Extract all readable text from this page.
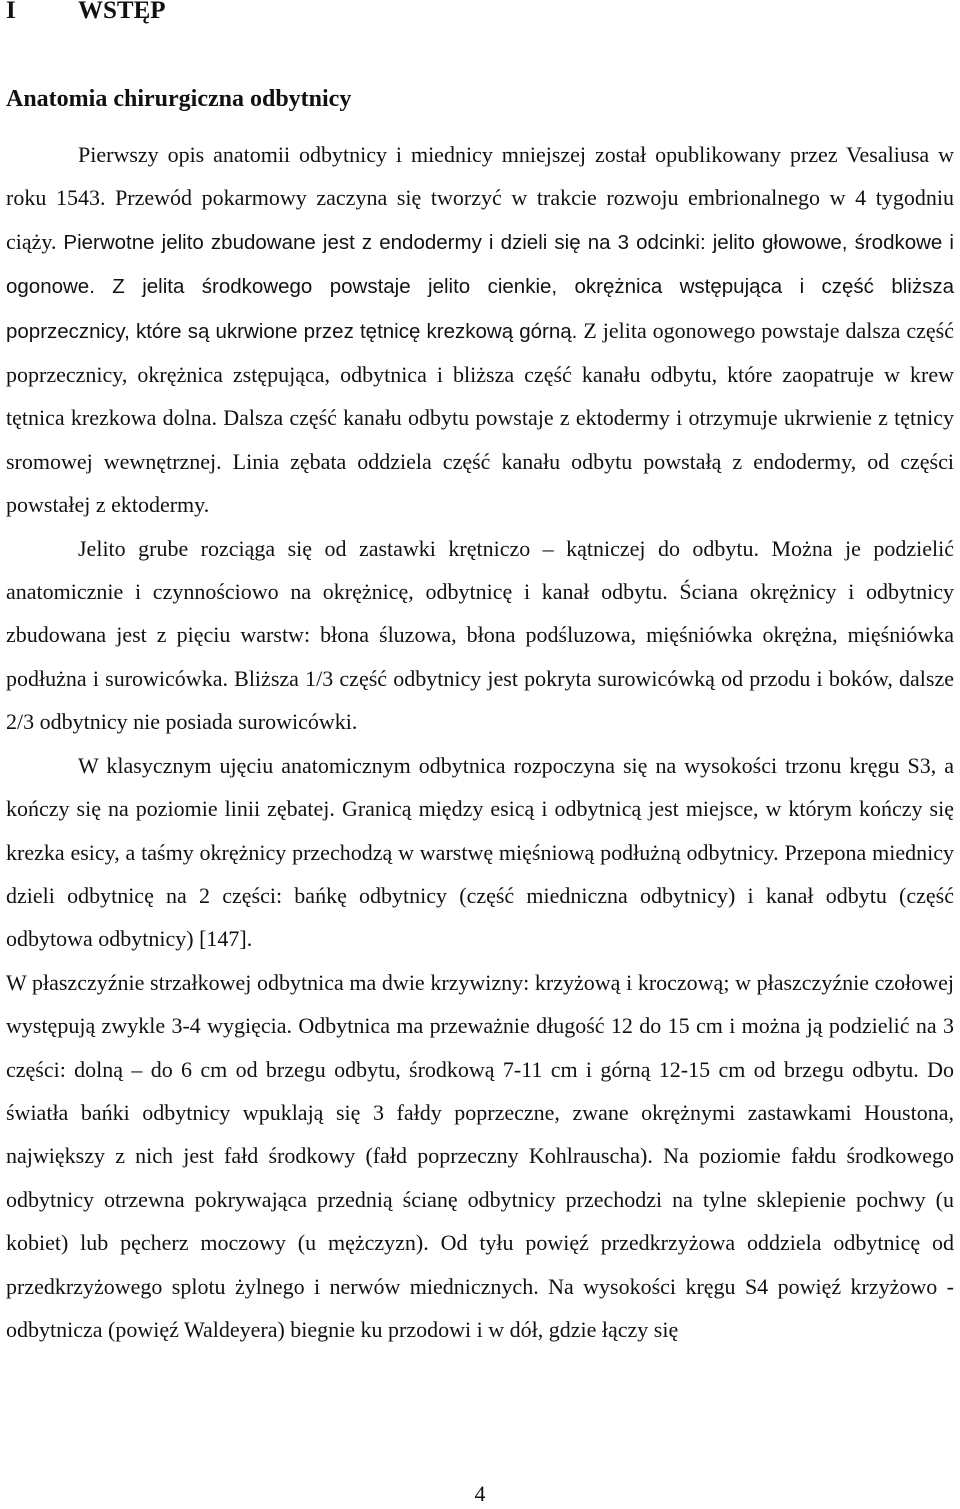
I WSTĘP
Anatomia chirurgiczna odbytnicy

Pierwszy opis anatomii odbytnicy i miednicy mniejszej został opublikowany przez Vesaliusa w roku 1543. Przewód pokarmowy zaczyna się tworzyć w trakcie rozwoju embrionalnego w 4 tygodniu ciąży. Pierwotne jelito zbudowane jest z endodermy i dzieli się na 3 odcinki: jelito głowowe, środkowe i ogonowe. Z jelita środkowego powstaje jelito cienkie, okrężnica wstępująca i część bliższa poprzecznicy, które są ukrwione przez tętnicę krezkową górną. Z jelita ogonowego powstaje dalsza część poprzecznicy, okrężnica zstępująca, odbytnica i bliższa część kanału odbytu, które zaopatruje w krew tętnica krezkowa dolna. Dalsza część kanału odbytu powstaje z ektodermy i otrzymuje ukrwienie z tętnicy sromowej wewnętrznej. Linia zębata oddziela część kanału odbytu powstałą z endodermy, od części powstałej z ektodermy.

Jelito grube rozciąga się od zastawki krętniczo – kątniczej do odbytu. Można je podzielić anatomicznie i czynnościowo na okrężnicę, odbytnicę i kanał odbytu. Ściana okrężnicy i odbytnicy zbudowana jest z pięciu warstw: błona śluzowa, błona podśluzowa, mięśniówka okrężna, mięśniówka podłużna i surowicówka. Bliższa 1/3 część odbytnicy jest pokryta surowicówką od przodu i boków, dalsze 2/3 odbytnicy nie posiada surowicówki.

W klasycznym ujęciu anatomicznym odbytnica rozpoczyna się na wysokości trzonu kręgu S3, a kończy się na poziomie linii zębatej. Granicą między esicą i odbytnicą jest miejsce, w którym kończy się krezka esicy, a taśmy okrężnicy przechodzą w warstwę mięśniową podłużną odbytnicy. Przepona miednicy dzieli odbytnicę na 2 części: bańkę odbytnicy (część miedniczna odbytnicy) i kanał odbytu (część odbytowa odbytnicy) [147].

W płaszczyźnie strzałkowej odbytnica ma dwie krzywizny: krzyżową i kroczową; w płaszczyźnie czołowej występują zwykle 3-4 wygięcia. Odbytnica ma przeważnie długość 12 do 15 cm i można ją podzielić na 3 części: dolną – do 6 cm od brzegu odbytu, środkową 7-11 cm i górną 12-15 cm od brzegu odbytu. Do światła bańki odbytnicy wpuklają się 3 fałdy poprzeczne, zwane okrężnymi zastawkami Houstona, największy z nich jest fałd środkowy (fałd poprzeczny Kohlrauscha). Na poziomie fałdu środkowego odbytnicy otrzewna pokrywająca przednią ścianę odbytnicy przechodzi na tylne sklepienie pochwy (u kobiet) lub pęcherz moczowy (u mężczyzn). Od tyłu powięź przedkrzyżowa oddziela odbytnicę od przedkrzyżowego splotu żylnego i nerwów miednicznych. Na wysokości kręgu S4 powięź krzyżowo - odbytnicza (powięź Waldeyera) biegnie ku przodowi i w dół, gdzie łączy się

4
